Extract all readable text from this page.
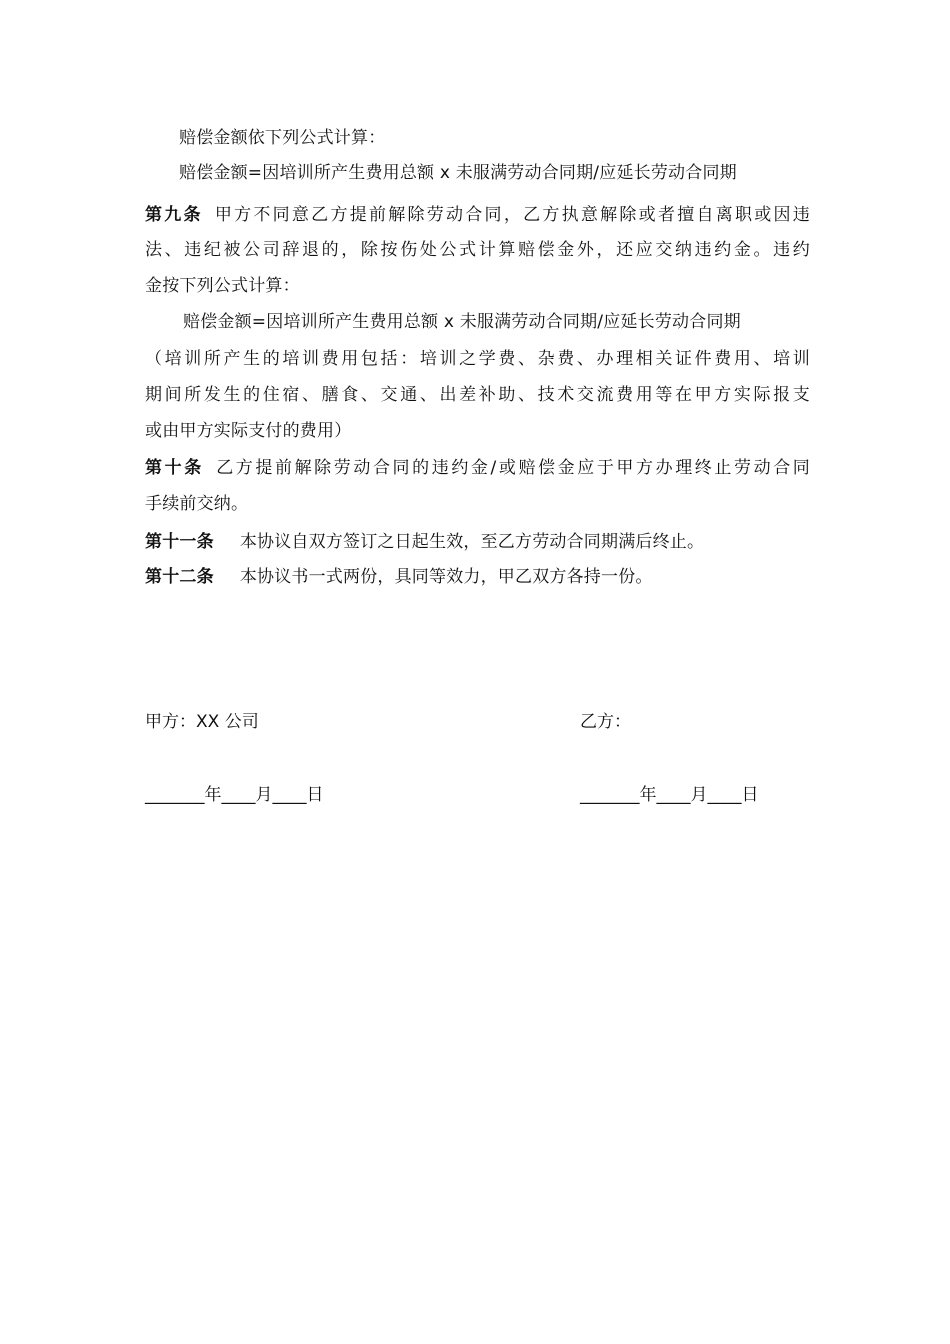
赔偿金额依下列公式计算：
赔偿金额=因培训所产生费用总额 x 未服满劳动合同期/应延长劳动合同期
第九条 甲方不同意乙方提前解除劳动合同，乙方执意解除或者擅自离职或因违
法、违纪被公司辞退的，除按伤处公式计算赔偿金外，还应交纳违约金。违约
金按下列公式计算：
赔偿金额=因培训所产生费用总额 x 未服满劳动合同期/应延长劳动合同期
（培训所产生的培训费用包括：培训之学费、杂费、办理相关证件费用、培训
期间所发生的住宿、膳食、交通、出差补助、技术交流费用等在甲方实际报支
或由甲方实际支付的费用）
第十条 乙方提前解除劳动合同的违约金/或赔偿金应于甲方办理终止劳动合同
手续前交纳。
第十一条 本协议自双方签订之日起生效，至乙方劳动合同期满后终止。
第十二条 本协议书一式两份，具同等效力，甲乙双方各持一份。
甲方：XX 公司	乙方：
_______年____月____日	_______年____月____日
